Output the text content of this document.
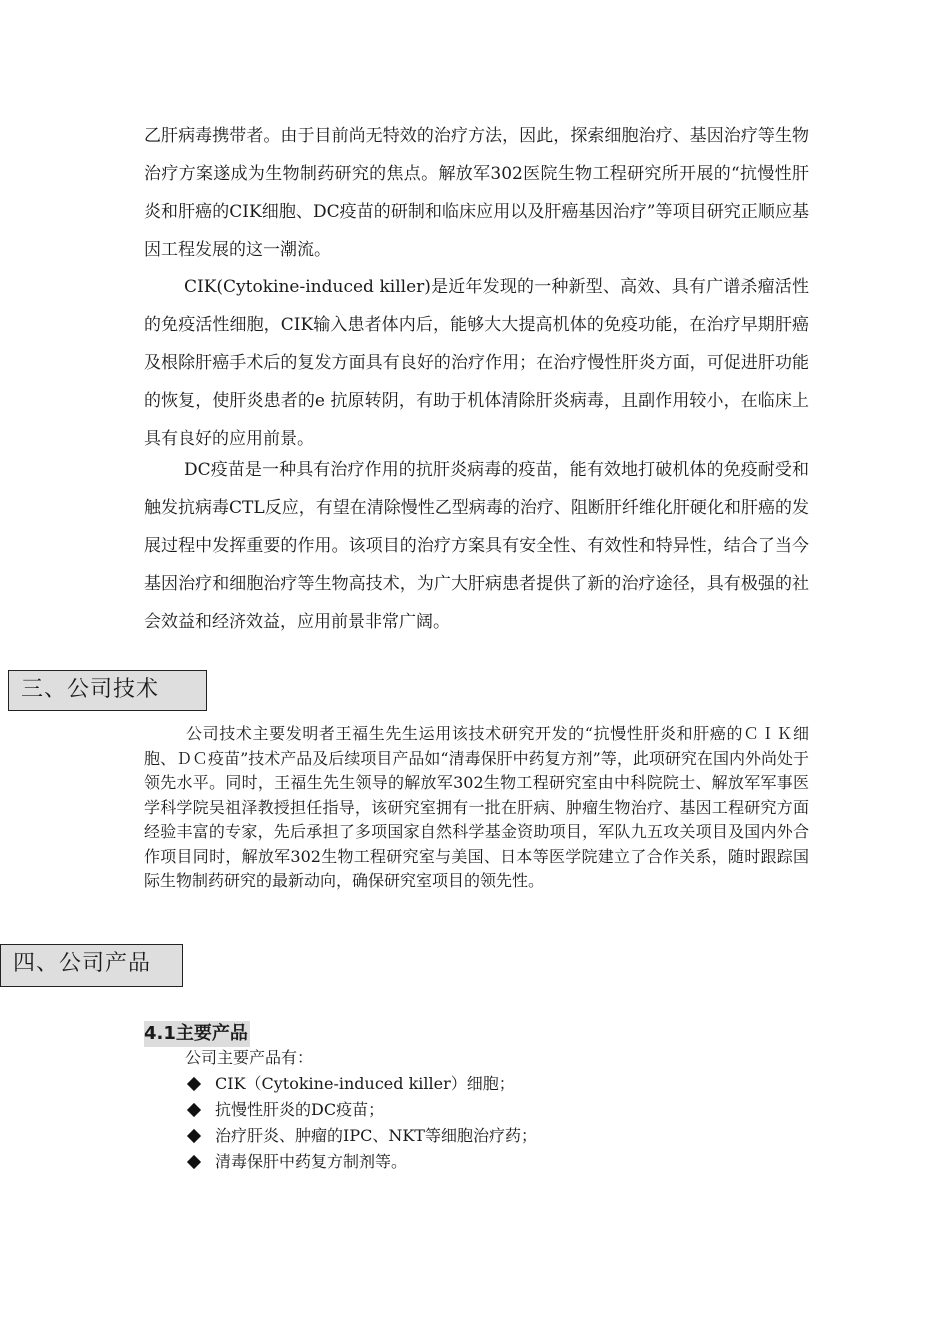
乙肝病毒携带者。由于目前尚无特效的治疗方法，因此，探索细胞治疗、基因治疗等生物治疗方案遂成为生物制药研究的焦点。解放军302医院生物工程研究所开展的“抗慢性肝炎和肝癌的CIK细胞、DC疫苗的研制和临床应用以及肝癌基因治疗”等项目研究正顺应基因工程发展的这一潮流。

CIK(Cytokine-induced killer)是近年发现的一种新型、高效、具有广谱杀瘤活性的免疫活性细胞，CIK输入患者体内后，能够大大提高机体的免疫功能，在治疗早期肝癌及根除肝癌手术后的复发方面具有良好的治疗作用；在治疗慢性肝炎方面，可促进肝功能的恢复，使肝炎患者的e 抗原转阴，有助于机体清除肝炎病毒，且副作用较小，在临床上具有良好的应用前景。

DC疫苗是一种具有治疗作用的抗肝炎病毒的疫苗，能有效地打破机体的免疫耐受和触发抗病毒CTL反应，有望在清除慢性乙型病毒的治疗、阻断肝纤维化肝硬化和肝癌的发展过程中发挥重要的作用。该项目的治疗方案具有安全性、有效性和特异性，结合了当今基因治疗和细胞治疗等生物高技术，为广大肝病患者提供了新的治疗途径，具有极强的社会效益和经济效益，应用前景非常广阔。

三、公司技术

公司技术主要发明者王福生先生运用该技术研究开发的“抗慢性肝炎和肝癌的ＣＩＫ细胞、ＤＣ疫苗”技术产品及后续项目产品如“清毒保肝中药复方剂”等，此项研究在国内外尚处于领先水平。同时，王福生先生领导的解放军302生物工程研究室由中科院院士、解放军军事医学科学院吴祖泽教授担任指导，该研究室拥有一批在肝病、肿瘤生物治疗、基因工程研究方面经验丰富的专家，先后承担了多项国家自然科学基金资助项目，军队九五攻关项目及国内外合作项目同时，解放军302生物工程研究室与美国、日本等医学院建立了合作关系，随时跟踪国际生物制药研究的最新动向，确保研究室项目的领先性。

四、公司产品
4.1主要产品
公司主要产品有：
CIK（Cytokine-induced killer）细胞；
抗慢性肝炎的DC疫苗；
治疗肝炎、肿瘤的IPC、NKT等细胞治疗药；
清毒保肝中药复方制剂等。
